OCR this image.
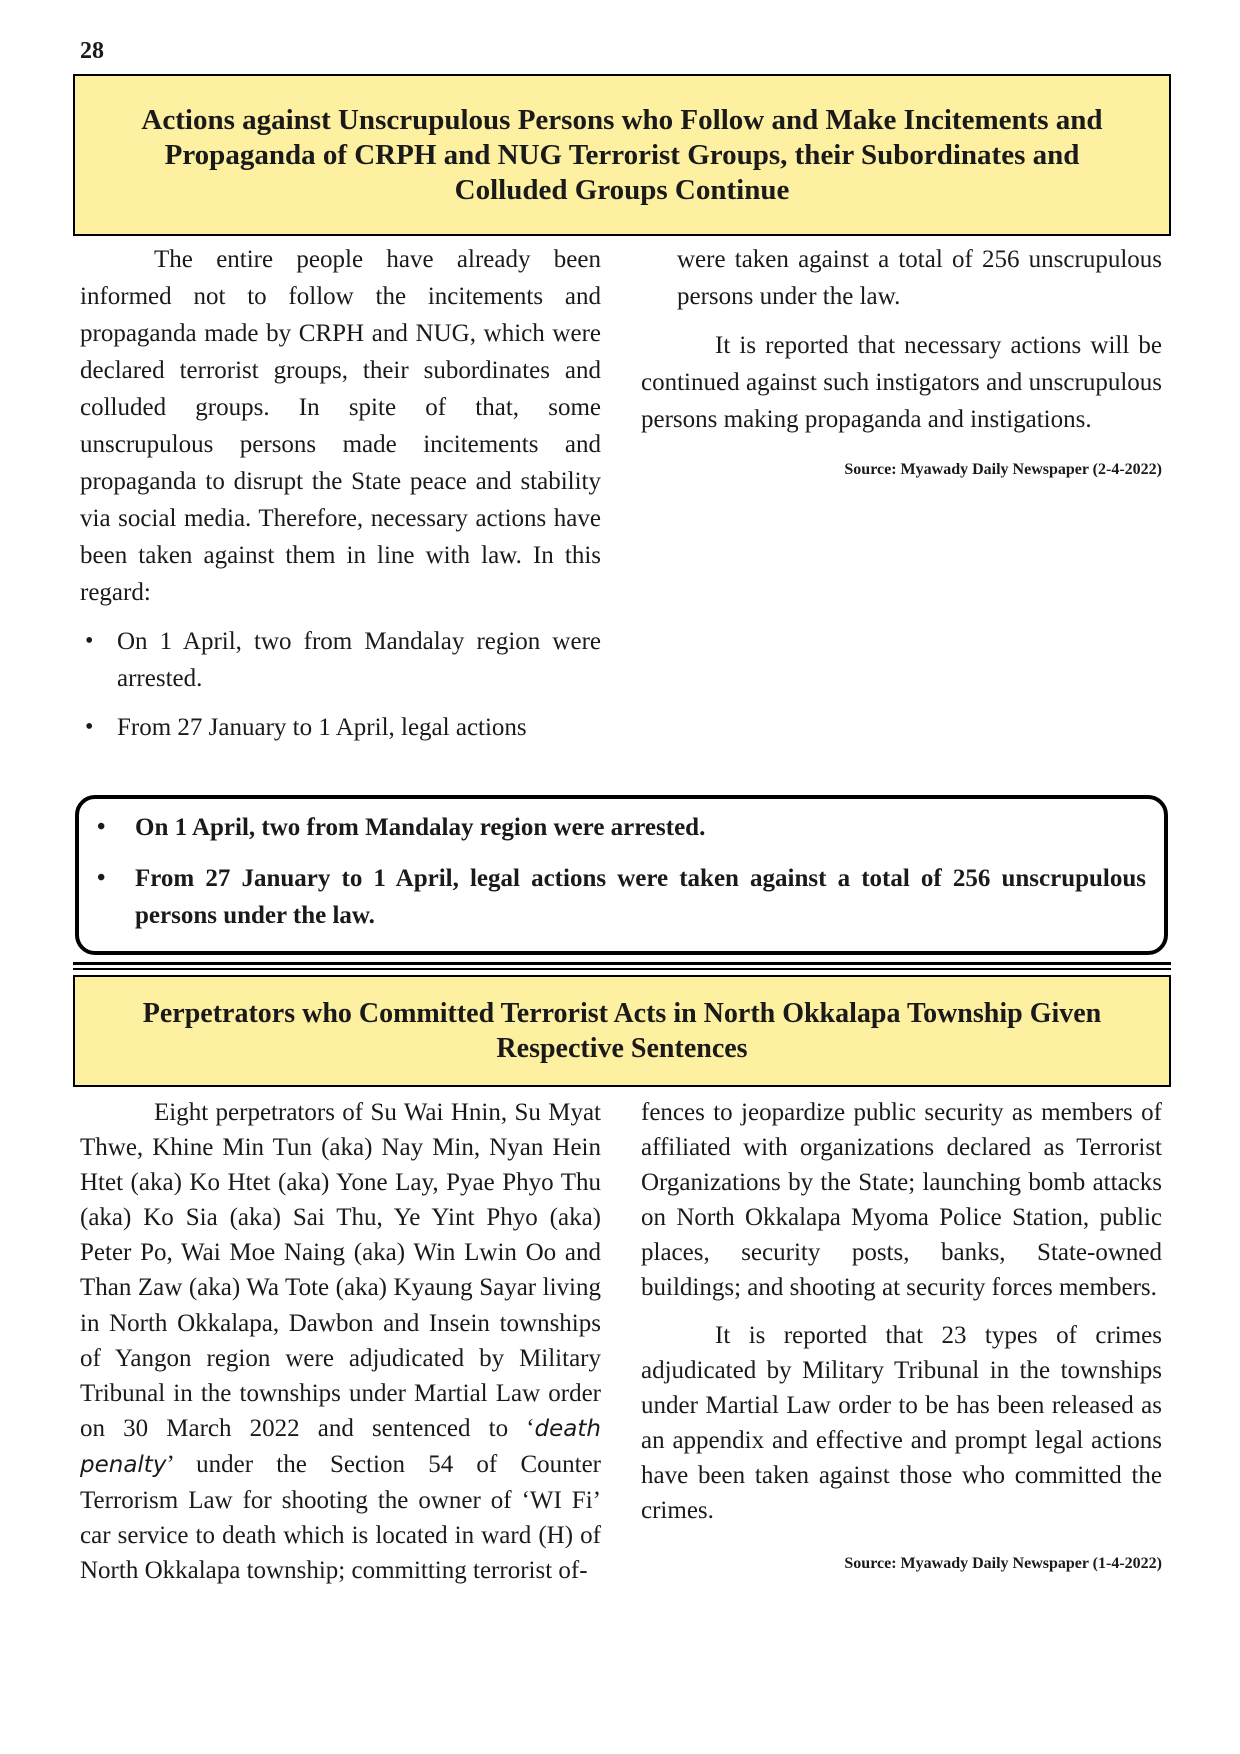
28
Actions against Unscrupulous Persons who Follow and Make Incitements and
Propaganda of CRPH and NUG Terrorist Groups, their Subordinates and
Colluded Groups Continue

The entire people have already been informed not to follow the incitements and propaganda made by CRPH and NUG, which were declared terrorist groups, their subordinates and colluded groups. In spite of that, some unscrupulous persons made incitements and propaganda to disrupt the State peace and stability via social media. Therefore, necessary actions have been taken against them in line with law. In this regard:

• On 1 April, two from Mandalay region were arrested.
• From 27 January to 1 April, legal actions

were taken against a total of 256 unscrupulous persons under the law.

It is reported that necessary actions will be continued against such instigators and unscrupulous persons making propaganda and instigations.

Source: Myawady Daily Newspaper (2-4-2022)
• On 1 April, two from Mandalay region were arrested.
• From 27 January to 1 April, legal actions were taken against a total of 256 unscrupulous persons under the law.
Perpetrators who Committed Terrorist Acts in North Okkalapa Township Given
Respective Sentences

Eight perpetrators of Su Wai Hnin, Su Myat Thwe, Khine Min Tun (aka) Nay Min, Nyan Hein Htet (aka) Ko Htet (aka) Yone Lay, Pyae Phyo Thu (aka) Ko Sia (aka) Sai Thu, Ye Yint Phyo (aka) Peter Po, Wai Moe Naing (aka) Win Lwin Oo and Than Zaw (aka) Wa Tote (aka) Kyaung Sayar living in North Okkalapa, Dawbon and Insein townships of Yangon region were adjudicated by Military Tribunal in the townships under Martial Law order on 30 March 2022 and sentenced to ‘death penalty’ under the Section 54 of Counter Terrorism Law for shooting the owner of ‘WI Fi’ car service to death which is located in ward (H) of North Okkalapa township; committing terrorist of-

fences to jeopardize public security as members of affiliated with organizations declared as Terrorist Organizations by the State; launching bomb attacks on North Okkalapa Myoma Police Station, public places, security posts, banks, State-owned buildings; and shooting at security forces members.

It is reported that 23 types of crimes adjudicated by Military Tribunal in the townships under Martial Law order to be has been released as an appendix and effective and prompt legal actions have been taken against those who committed the crimes.

Source: Myawady Daily Newspaper (1-4-2022)
